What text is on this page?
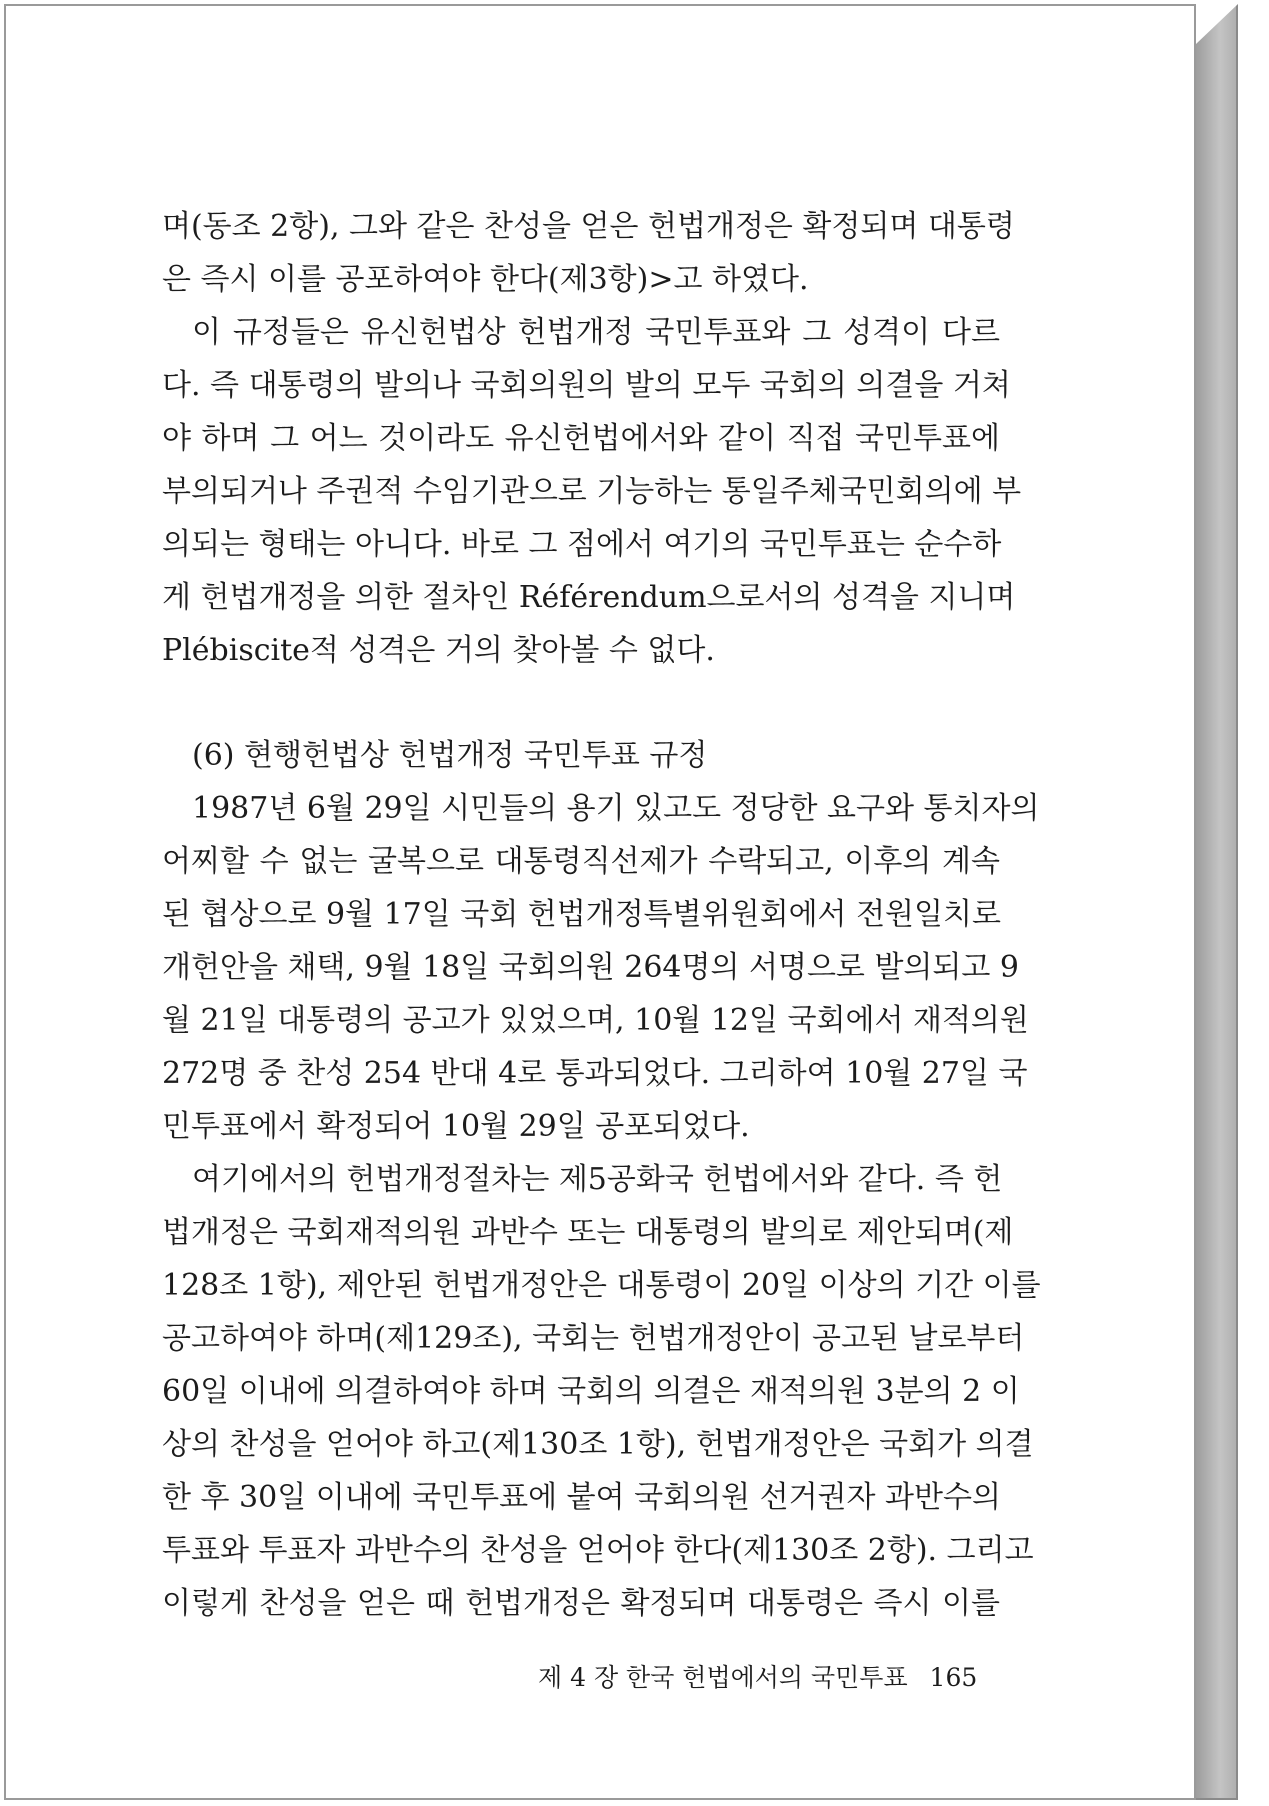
며(동조 2항), 그와 같은 찬성을 얻은 헌법개정은 확정되며 대통령
은 즉시 이를 공포하여야 한다(제3항)>고 하였다.
이 규정들은 유신헌법상 헌법개정 국민투표와 그 성격이 다르
다. 즉 대통령의 발의나 국회의원의 발의 모두 국회의 의결을 거쳐
야 하며 그 어느 것이라도 유신헌법에서와 같이 직접 국민투표에
부의되거나 주권적 수임기관으로 기능하는 통일주체국민회의에 부
의되는 형태는 아니다. 바로 그 점에서 여기의 국민투표는 순수하
게 헌법개정을 의한 절차인 Référendum으로서의 성격을 지니며
Plébiscite적 성격은 거의 찾아볼 수 없다.
(6) 현행헌법상 헌법개정 국민투표 규정
1987년 6월 29일 시민들의 용기 있고도 정당한 요구와 통치자의
어찌할 수 없는 굴복으로 대통령직선제가 수락되고, 이후의 계속
된 협상으로 9월 17일 국회 헌법개정특별위원회에서 전원일치로
개헌안을 채택, 9월 18일 국회의원 264명의 서명으로 발의되고 9
월 21일 대통령의 공고가 있었으며, 10월 12일 국회에서 재적의원
272명 중 찬성 254 반대 4로 통과되었다. 그리하여 10월 27일 국
민투표에서 확정되어 10월 29일 공포되었다.
여기에서의 헌법개정절차는 제5공화국 헌법에서와 같다. 즉 헌
법개정은 국회재적의원 과반수 또는 대통령의 발의로 제안되며(제
128조 1항), 제안된 헌법개정안은 대통령이 20일 이상의 기간 이를
공고하여야 하며(제129조), 국회는 헌법개정안이 공고된 날로부터
60일 이내에 의결하여야 하며 국회의 의결은 재적의원 3분의 2 이
상의 찬성을 얻어야 하고(제130조 1항), 헌법개정안은 국회가 의결
한 후 30일 이내에 국민투표에 붙여 국회의원 선거권자 과반수의
투표와 투표자 과반수의 찬성을 얻어야 한다(제130조 2항). 그리고
이렇게 찬성을 얻은 때 헌법개정은 확정되며 대통령은 즉시 이를
제 4 장 한국 헌법에서의 국민투표 165
